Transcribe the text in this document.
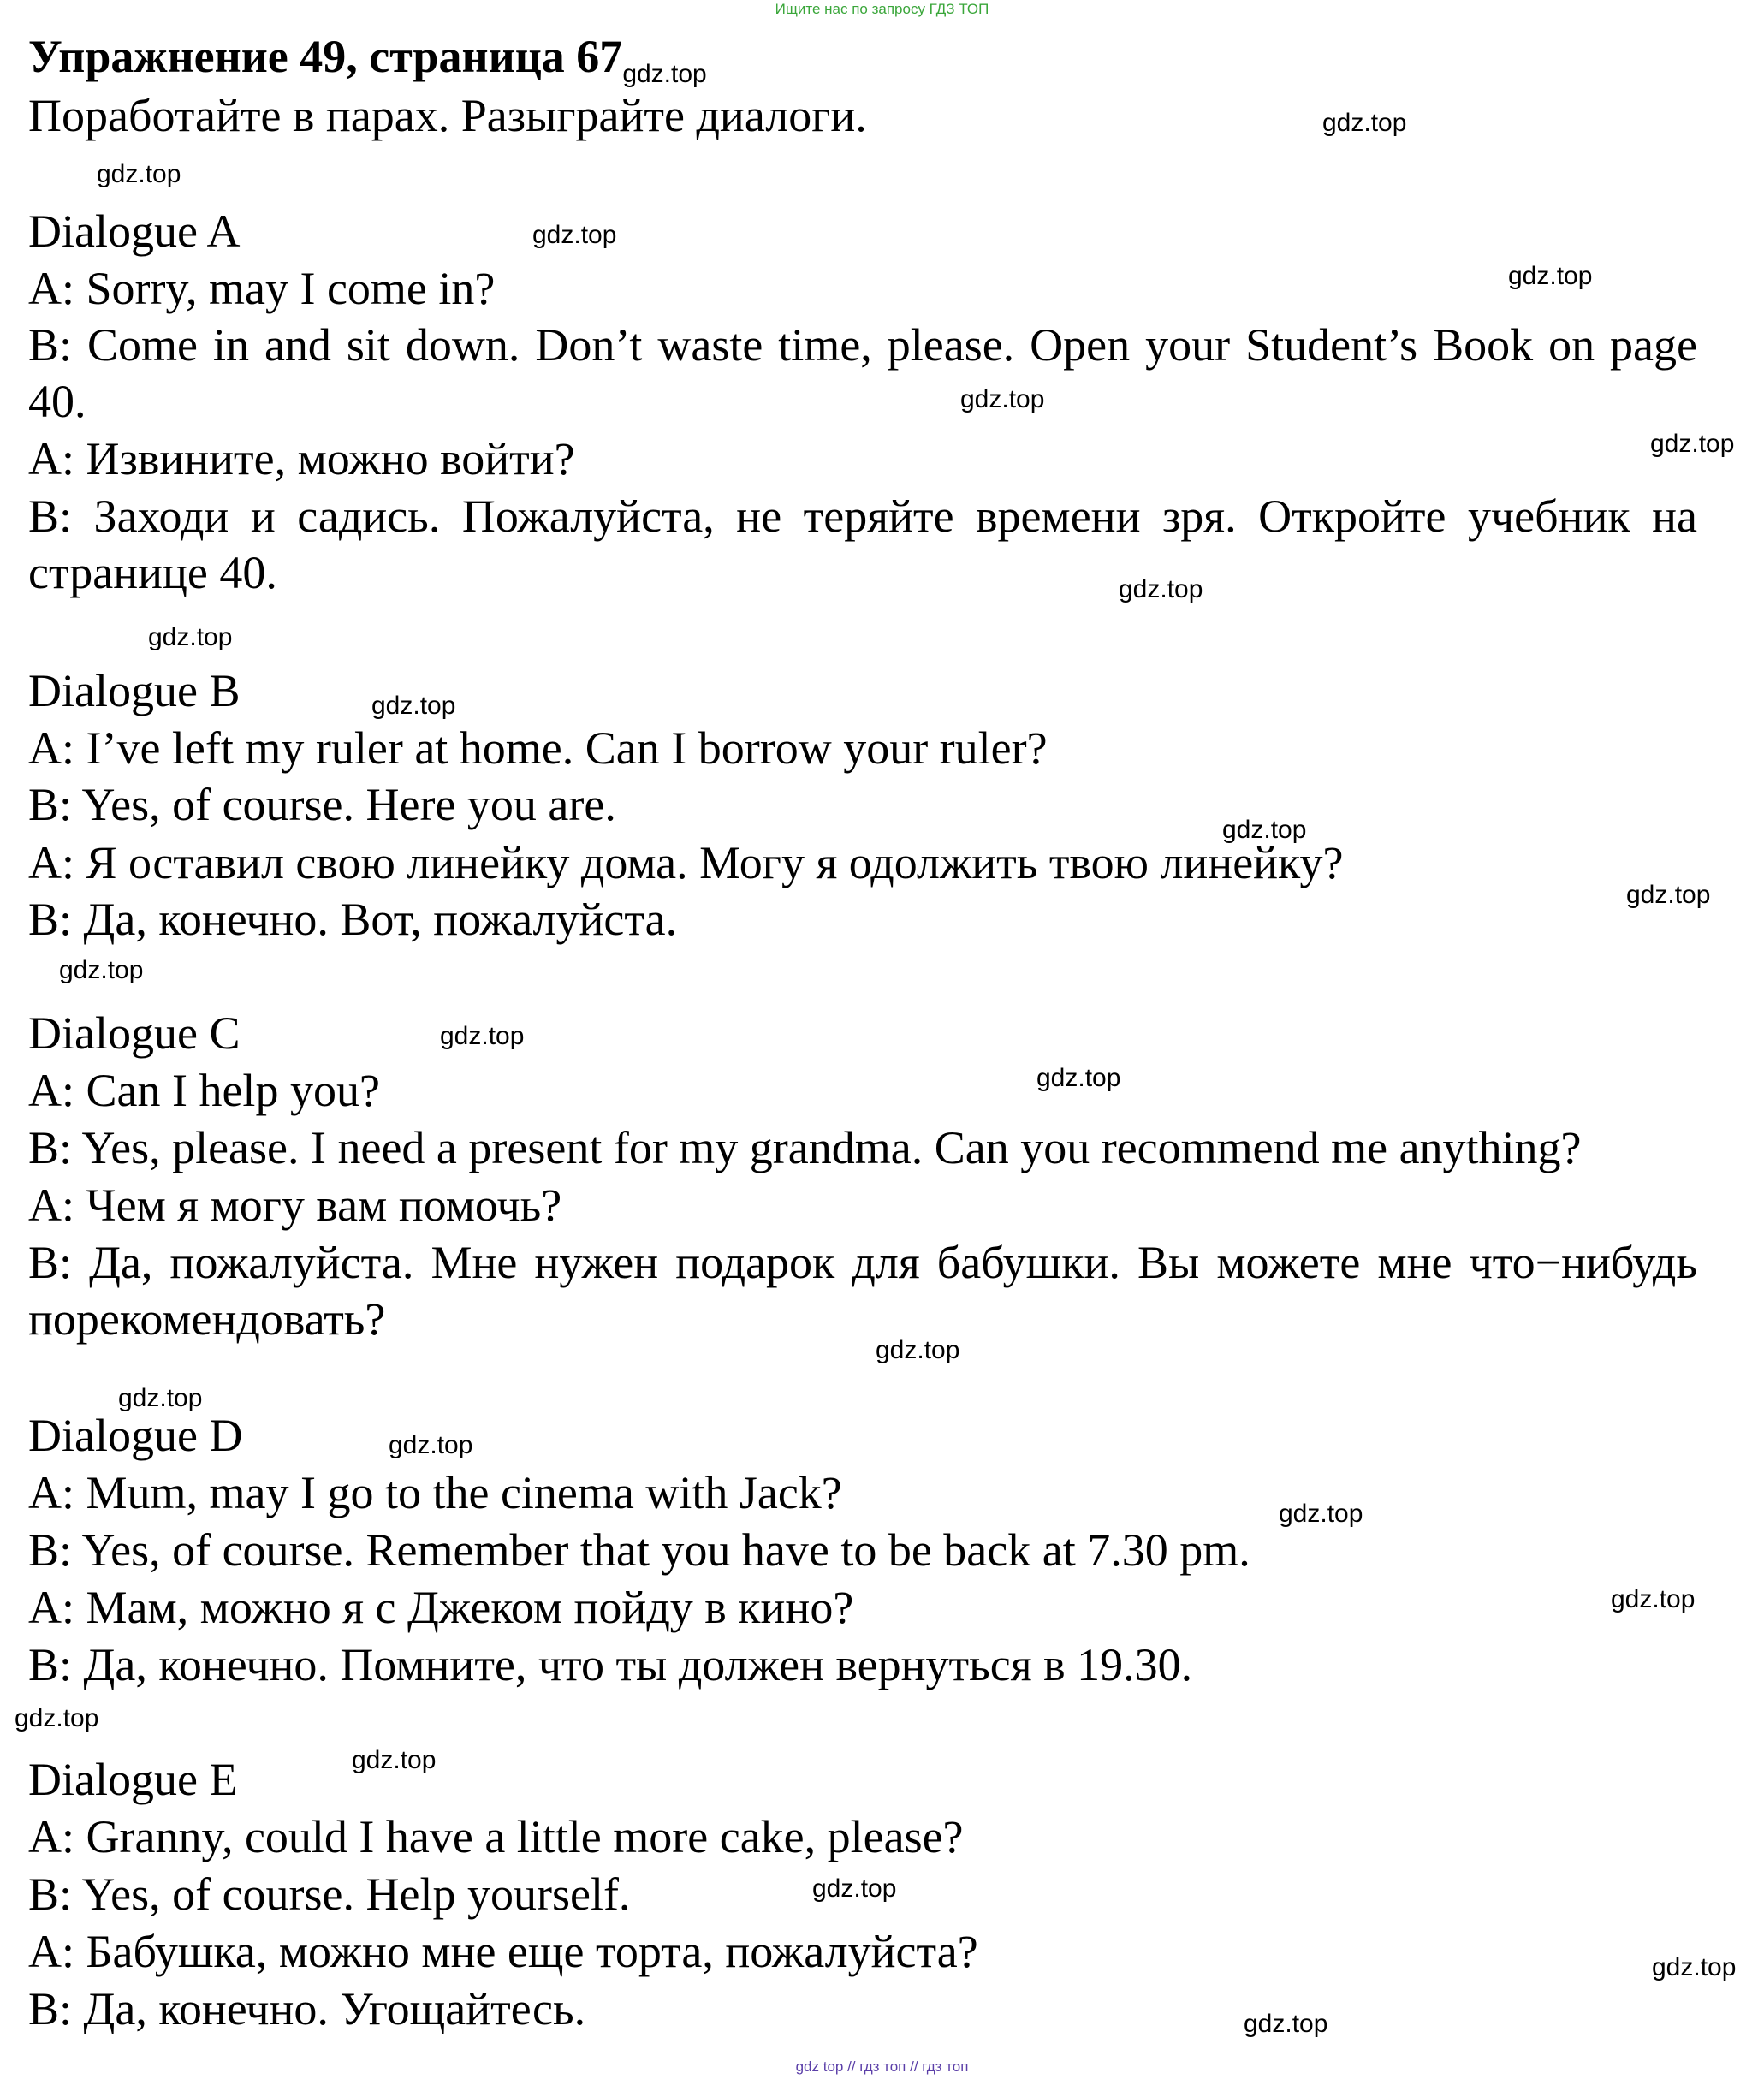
Ищите нас по запросу ГДЗ ТОП
Упражнение 49, страница $67_{gdz.top}$
Поработайте в парах. Разыграйте диалоги.
Dialogue A
A: Sorry, may I come in?
B: Come in and sit down. Don’t waste time, please. Open your Student’s Book on page 40.
A: Извините, можно войти?
B: Заходи и садись. Пожалуйста, не теряйте времени зря. Откройте учебник на странице 40.
Dialogue B
A: I’ve left my ruler at home. Can I borrow your ruler?
B: Yes, of course. Here you are.
A: Я оставил свою линейку дома. Могу я одолжить твою линейку?
B: Да, конечно. Вот, пожалуйста.
Dialogue C
A: Can I help you?
B: Yes, please. I need a present for my grandma. Can you recommend me anything?
A: Чем я могу вам помочь?
B: Да, пожалуйста. Мне нужен подарок для бабушки. Вы можете мне что−нибудь порекомендовать?
Dialogue D
A: Mum, may I go to the cinema with Jack?
B: Yes, of course. Remember that you have to be back at 7.30 pm.
A: Мам, можно я с Джеком пойду в кино?
B: Да, конечно. Помните, что ты должен вернуться в 19.30.
Dialogue E
A: Granny, could I have a little more cake, please?
B: Yes, of course. Help yourself.
A: Бабушка, можно мне еще торта, пожалуйста?
B: Да, конечно. Угощайтесь.
gdz.top
gdz.top
gdz.top
gdz.top
gdz.top
gdz.top
gdz.top
gdz.top
gdz.top
gdz.top
gdz.top
gdz.top
gdz.top
gdz.top
gdz.top
gdz.top
gdz.top
gdz.top
gdz.top
gdz.top
gdz.top
gdz.top
gdz.top
gdz.top
gdz top // гдз топ // гдз топ
